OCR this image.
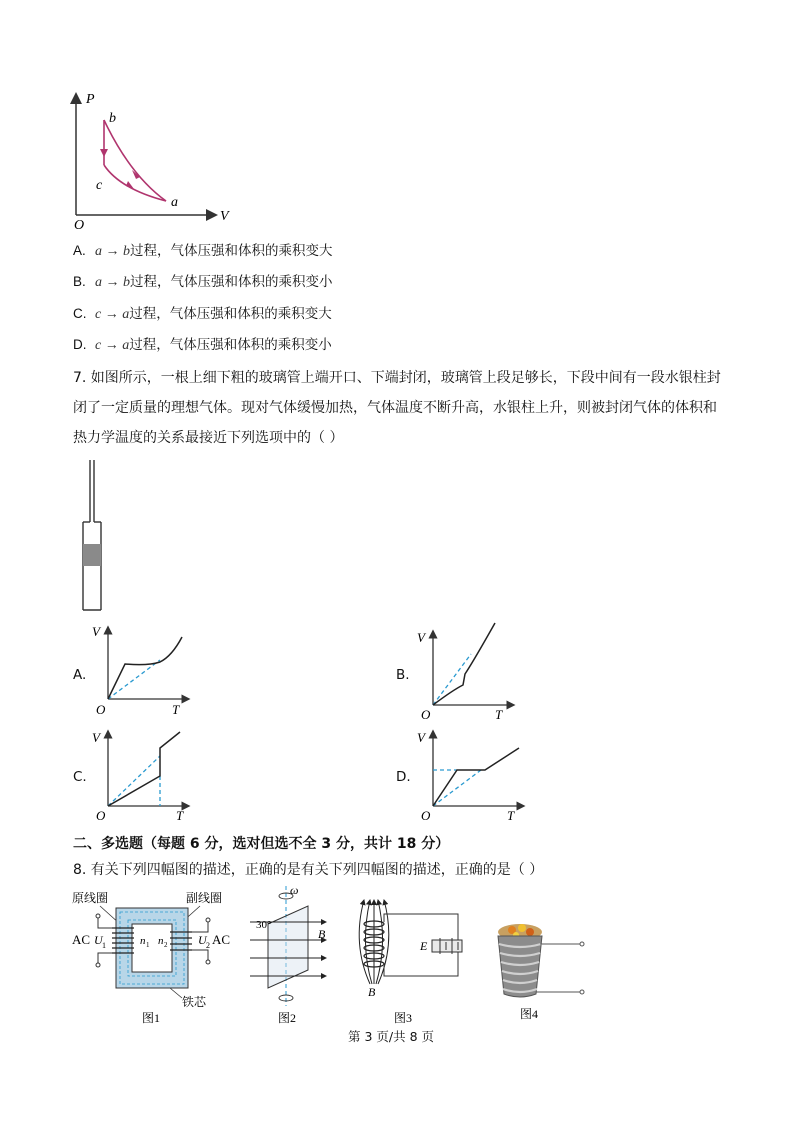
P
V
O
b
c
a
A. a → b过程，气体压强和体积的乘积变大
B. a → b过程，气体压强和体积的乘积变小
C. c → a过程，气体压强和体积的乘积变大
D. c → a过程，气体压强和体积的乘积变小
7. 如图所示，一根上细下粗的玻璃管上端开口、下端封闭，玻璃管上段足够长，下段中间有一段水银柱封
闭了一定质量的理想气体。现对气体缓慢加热，气体温度不断升高，水银柱上升，则被封闭气体的体积和
热力学温度的关系最接近下列选项中的（ ）
A.
V
O	T
B.
V
O	T
C.
V
O	T
D.
V
O	T
二、多选题（每题 6 分，选对但选不全 3 分，共计 18 分）
8. 有关下列四幅图的描述，正确的是有关下列四幅图的描述，正确的是（ ）
原线圈	副线圈
AC U 1	n 1 n 2	U 2 AC
铁芯
图1
ω
30°
B
图2
E
B
图3	图4
第 3 页/共 8 页
